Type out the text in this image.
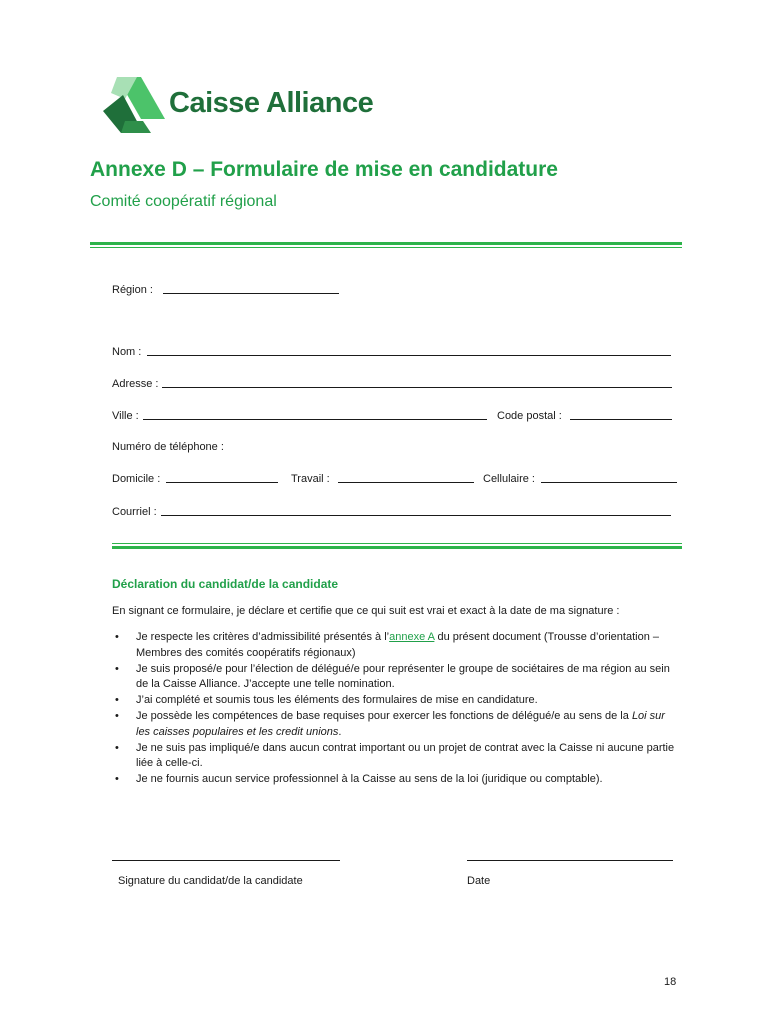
Caisse Alliance
Annexe D – Formulaire de mise en candidature
Comité coopératif régional
Région :
Nom :
Adresse :
Ville :	Code postal :
Numéro de téléphone :
Domicile :	Travail :	Cellulaire :
Courriel :
Déclaration du candidat/de la candidate
En signant ce formulaire, je déclare et certifie que ce qui suit est vrai et exact à la date de ma signature :
• Je respecte les critères d’admissibilité présentés à l’annexe A du présent document (Trousse d’orientation – Membres des comités coopératifs régionaux)
• Je suis proposé/e pour l’élection de délégué/e pour représenter le groupe de sociétaires de ma région au sein de la Caisse Alliance. J’accepte une telle nomination.
• J’ai complété et soumis tous les éléments des formulaires de mise en candidature.
• Je possède les compétences de base requises pour exercer les fonctions de délégué/e au sens de la Loi sur les caisses populaires et les credit unions.
• Je ne suis pas impliqué/e dans aucun contrat important ou un projet de contrat avec la Caisse ni aucune partie liée à celle-ci.
• Je ne fournis aucun service professionnel à la Caisse au sens de la loi (juridique ou comptable).
Signature du candidat/de la candidate	Date
18
